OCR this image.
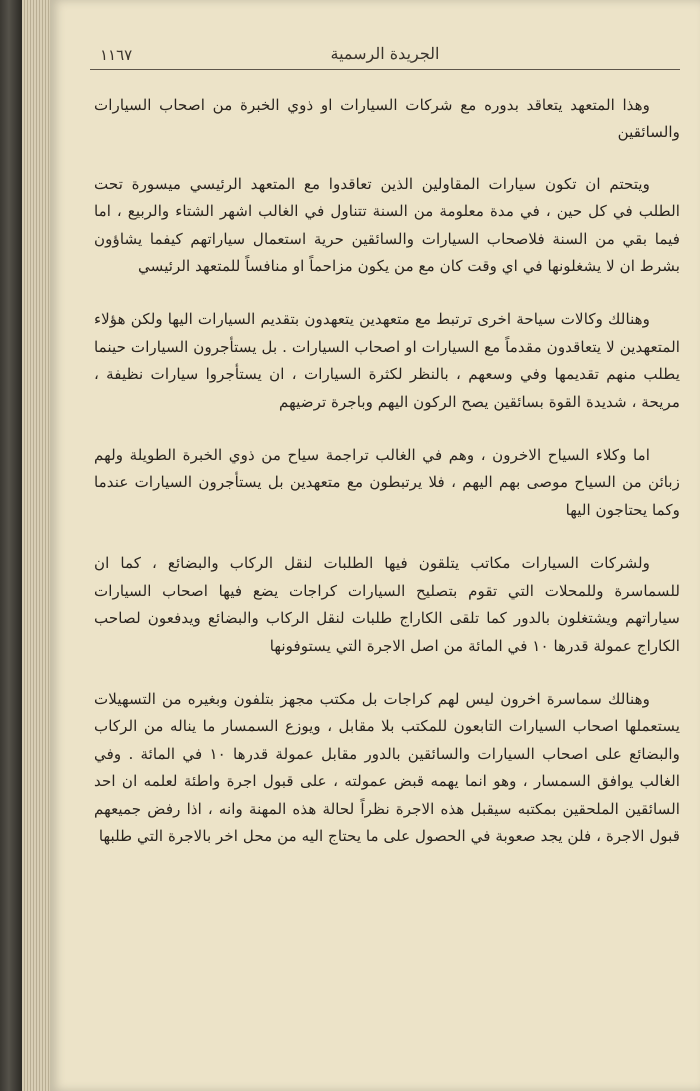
١١٦٧	الجريدة الرسمية

وهذا المتعهد يتعاقد بدوره مع شركات السيارات او ذوي الخبرة من اصحاب السيارات والسائقين

ويتحتم ان تكون سيارات المقاولين الذين تعاقدوا مع المتعهد الرئيسي ميسورة تحت الطلب في كل حين ، في مدة معلومة من السنة تتناول في الغالب اشهر الشتاء والربيع ، اما فيما بقي من السنة فلاصحاب السيارات والسائقين حرية استعمال سياراتهم كيفما يشاؤون بشرط ان لا يشغلونها في اي وقت كان مع من يكون مزاحماً او منافساً للمتعهد الرئيسي

وهنالك وكالات سياحة اخرى ترتبط مع متعهدين يتعهدون بتقديم السيارات اليها ولكن هؤلاء المتعهدين لا يتعاقدون مقدماً مع السيارات او اصحاب السيارات . بل يستأجرون السيارات حينما يطلب منهم تقديمها وفي وسعهم ، بالنظر لكثرة السيارات ، ان يستأجروا سيارات نظيفة ، مريحة ، شديدة القوة بسائقين يصح الركون اليهم وباجرة ترضيهم

اما وكلاء السياح الاخرون ، وهم في الغالب تراجمة سياح من ذوي الخبرة الطويلة ولهم زبائن من السياح موصى بهم اليهم ، فلا يرتبطون مع متعهدين بل يستأجرون السيارات عندما وكما يحتاجون اليها

ولشركات السيارات مكاتب يتلقون فيها الطلبات لنقل الركاب والبضائع ، كما ان للسماسرة وللمحلات التي تقوم بتصليح السيارات كراجات يضع فيها اصحاب السيارات سياراتهم ويشتغلون بالدور كما تلقى الكاراج طلبات لنقل الركاب والبضائع ويدفعون لصاحب الكاراج عمولة قدرها ١٠ في المائة من اصل الاجرة التي يستوفونها

وهنالك سماسرة اخرون ليس لهم كراجات بل مكتب مجهز بتلفون وبغيره من التسهيلات يستعملها اصحاب السيارات التابعون للمكتب بلا مقابل ، ويوزع السمسار ما يناله من الركاب والبضائع على اصحاب السيارات والسائقين بالدور مقابل عمولة قدرها ١٠ في المائة . وفي الغالب يوافق السمسار ، وهو انما يهمه قبض عمولته ، على قبول اجرة واطئة لعلمه ان احد السائقين الملحقين بمكتبه سيقبل هذه الاجرة نظراً لحالة هذه المهنة وانه ، اذا رفض جميعهم قبول الاجرة ، فلن يجد صعوبة في الحصول على ما يحتاج اليه من محل اخر بالاجرة التي طلبها
